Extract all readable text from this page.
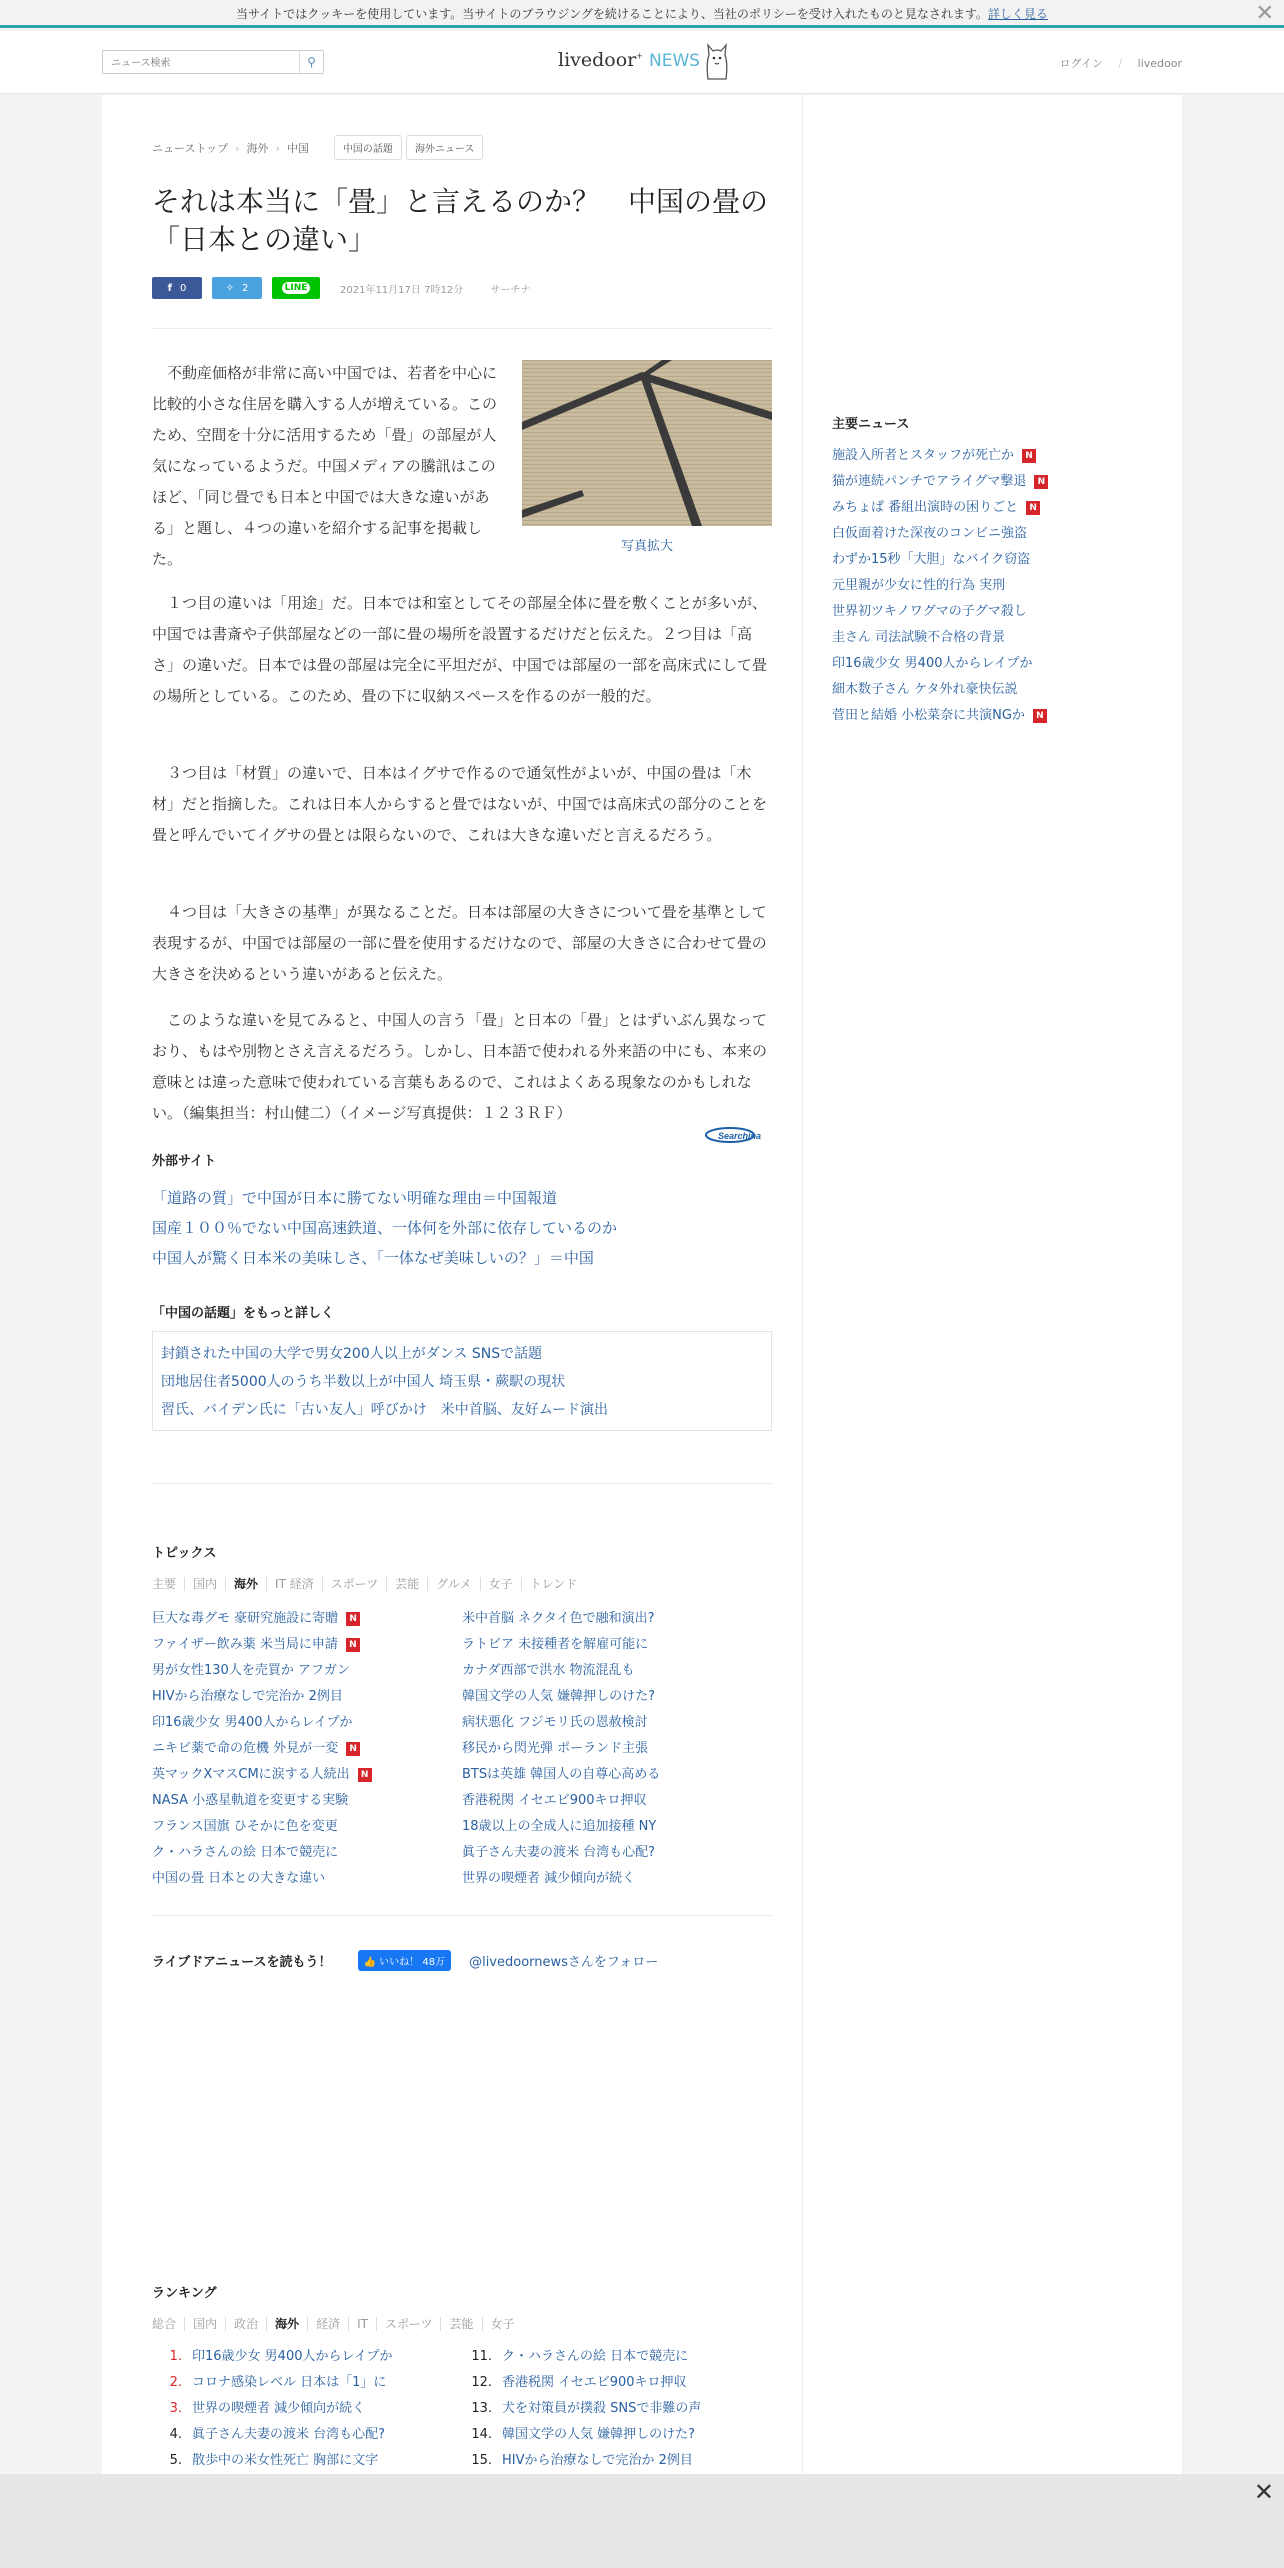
当サイトではクッキーを使用しています。当サイトのブラウジングを続けることにより、当社のポリシーを受け入れたものと見なされます。詳しく見る	✕
ニュース検索
⚲	livedoor+ NEWS	ログイン / livedoor
ニューストップ › 海外 › 中国	中国の話題 海外ニュース
それは本当に「畳」と言えるのか？　中国の畳の「日本との違い」
f 0	✧ 2	LINE	2021年11月17日 7時12分	サーチナ
写真拡大

　不動産価格が非常に高い中国では、若者を中心に比較的小さな住居を購入する人が増えている。このため、空間を十分に活用するため「畳」の部屋が人気になっているようだ。中国メディアの騰訊はこのほど、「同じ畳でも日本と中国では大きな違いがある」と題し、４つの違いを紹介する記事を掲載した。

　１つ目の違いは「用途」だ。日本では和室としてその部屋全体に畳を敷くことが多いが、中国では書斎や子供部屋などの一部に畳の場所を設置するだけだと伝えた。２つ目は「高さ」の違いだ。日本では畳の部屋は完全に平坦だが、中国では部屋の一部を高床式にして畳の場所としている。このため、畳の下に収納スペースを作るのが一般的だ。

　３つ目は「材質」の違いで、日本はイグサで作るので通気性がよいが、中国の畳は「木材」だと指摘した。これは日本人からすると畳ではないが、中国では高床式の部分のことを畳と呼んでいてイグサの畳とは限らないので、これは大きな違いだと言えるだろう。

　４つ目は「大きさの基準」が異なることだ。日本は部屋の大きさについて畳を基準として表現するが、中国では部屋の一部に畳を使用するだけなので、部屋の大きさに合わせて畳の大きさを決めるという違いがあると伝えた。

　このような違いを見てみると、中国人の言う「畳」と日本の「畳」とはずいぶん異なっており、もはや別物とさえ言えるだろう。しかし、日本語で使われる外来語の中にも、本来の意味とは違った意味で使われている言葉もあるので、これはよくある現象なのかもしれない。（編集担当：村山健二）（イメージ写真提供：１２３ＲＦ）

Searchina
外部サイト
「道路の質」で中国が日本に勝てない明確な理由＝中国報道
国産１００％でない中国高速鉄道、一体何を外部に依存しているのか
中国人が驚く日本米の美味しさ、「一体なぜ美味しいの？」＝中国
「中国の話題」をもっと詳しく
封鎖された中国の大学で男女200人以上がダンス SNSで話題
団地居住者5000人のうち半数以上が中国人 埼玉県・蕨駅の現状
習氏、バイデン氏に「古い友人」呼びかけ　米中首脳、友好ムード演出
トピックス
主要 国内 海外 IT 経済 スポーツ 芸能 グルメ 女子 トレンド
巨大な毒グモ 豪研究施設に寄贈 N
ファイザー飲み薬 米当局に申請 N
男が女性130人を売買か アフガン
HIVから治療なしで完治か 2例目
印16歳少女 男400人からレイプか
ニキビ薬で命の危機 外見が一変 N
英マックXマスCMに涙する人続出 N
NASA 小惑星軌道を変更する実験
フランス国旗 ひそかに色を変更
ク・ハラさんの絵 日本で競売に
中国の畳 日本との大きな違い
米中首脳 ネクタイ色で融和演出?
ラトビア 未接種者を解雇可能に
カナダ西部で洪水 物流混乱も
韓国文学の人気 嫌韓押しのけた?
病状悪化 フジモリ氏の恩赦検討
移民から閃光弾 ポーランド主張
BTSは英雄 韓国人の自尊心高める
香港税関 イセエビ900キロ押収
18歳以上の全成人に追加接種 NY
眞子さん夫妻の渡米 台湾も心配?
世界の喫煙者 減少傾向が続く
ライブドアニュースを読もう！	👍 いいね！ 48万	@livedoornewsさんをフォロー
ランキング
総合 国内 政治 海外 経済 IT スポーツ 芸能 女子
1. 印16歳少女 男400人からレイプか
2. コロナ感染レベル 日本は「1」に
3. 世界の喫煙者 減少傾向が続く
4. 眞子さん夫妻の渡米 台湾も心配?
5. 散歩中の米女性死亡 胸部に文字
11. ク・ハラさんの絵 日本で競売に
12. 香港税関 イセエビ900キロ押収
13. 犬を対策員が撲殺 SNSで非難の声
14. 韓国文学の人気 嫌韓押しのけた?
15. HIVから治療なしで完治か 2例目
主要ニュース
施設入所者とスタッフが死亡か N
猫が連続パンチでアライグマ撃退 N
みちょぱ 番組出演時の困りごと N
白仮面着けた深夜のコンビニ強盗
わずか15秒「大胆」なバイク窃盗
元里親が少女に性的行為 実刑
世界初ツキノワグマの子グマ殺し
圭さん 司法試験不合格の背景
印16歳少女 男400人からレイプか
細木数子さん ケタ外れ豪快伝説
菅田と結婚 小松菜奈に共演NGか N
✕
